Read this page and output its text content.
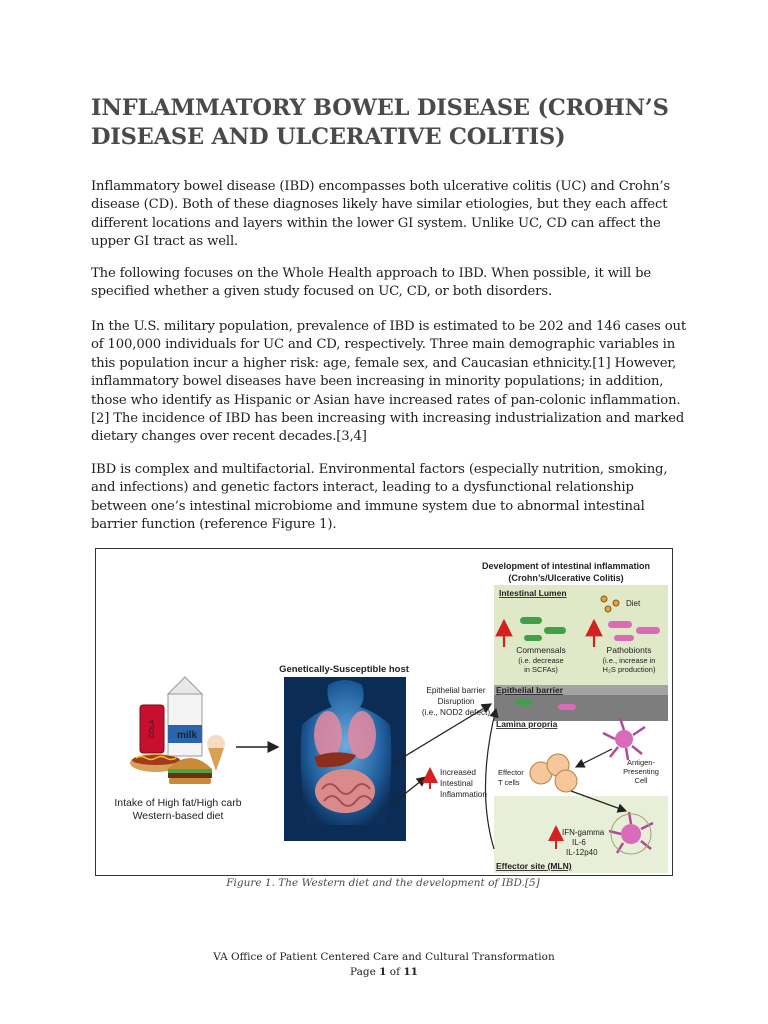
INFLAMMATORY BOWEL DISEASE (CROHN’S DISEASE AND ULCERATIVE COLITIS)

Inflammatory bowel disease (IBD) encompasses both ulcerative colitis (UC) and Crohn’s disease (CD). Both of these diagnoses likely have similar etiologies, but they each affect different locations and layers within the lower GI system. Unlike UC, CD can affect the upper GI tract as well.

The following focuses on the Whole Health approach to IBD. When possible, it will be specified whether a given study focused on UC, CD, or both disorders.

In the U.S. military population, prevalence of IBD is estimated to be 202 and 146 cases out of 100,000 individuals for UC and CD, respectively. Three main demographic variables in this population incur a higher risk: age, female sex, and Caucasian ethnicity.[1] However, inflammatory bowel diseases have been increasing in minority populations; in addition, those who identify as Hispanic or Asian have increased rates of pan-colonic inflammation.[2] The incidence of IBD has been increasing with increasing industrialization and marked dietary changes over recent decades.[3,4]

IBD is complex and multifactorial. Environmental factors (especially nutrition, smoking, and infections) and genetic factors interact, leading to a dysfunctional relationship between one’s intestinal microbiome and immune system due to abnormal intestinal barrier function (reference Figure 1).

milk
COLA
Intake of High fat/High carb
Western-based diet
Genetically-Susceptible host
Epithelial barrier
Disruption
(i.e., NOD2 defect)
Increased
Intestinal
Inflammation
Development of intestinal inflammation
(Crohn’s/Ulcerative Colitis)
Intestinal Lumen
Diet
Commensals
(i.e. decrease
in SCFAs)
Pathobionts
(i.e., increase in
H₂S production)
Epithelial barrier
Lamina propria
Antigen-
Presenting
Cell
Effector
T cells
IFN-gamma
IL-6
IL-12p40
Effector site (MLN)
Figure 1. The Western diet and the development of IBD.[5]
VA Office of Patient Centered Care and Cultural Transformation
Page 1 of 11
